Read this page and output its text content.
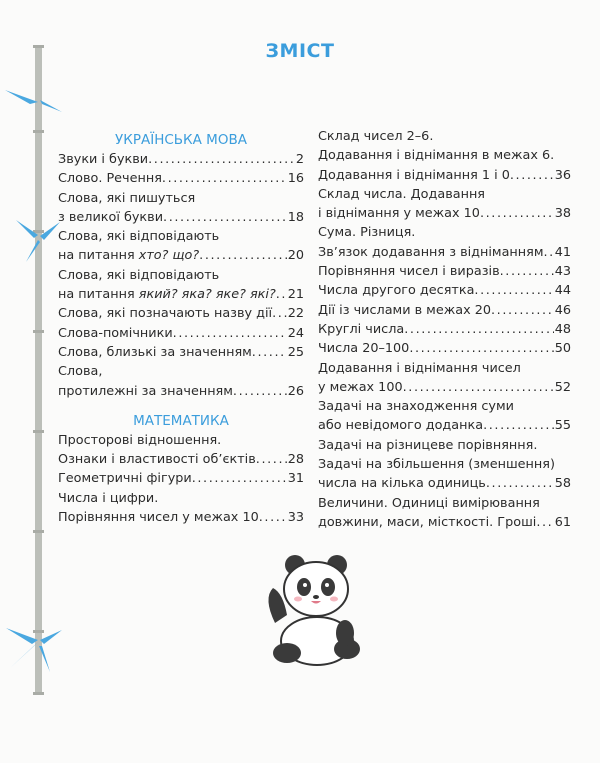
ЗМІСТ
УКРАЇНСЬКА МОВА
Звуки і букви .....	2
Слово. Речення .....	16
Слова, які пишуться
з великої букви .....	18
Слова, які відповідають
на питання хто? що? .....	20
Слова, які відповідають
на питання який? яка? яке? які? ..... 21
Слова, які позначають назву дії ..... 22
Слова-помічники .....	24
Слова, близькі за значенням .....	25
Слова,
протилежні за значенням .....	26
МАТЕМАТИКА
Просторові відношення.
Ознаки і властивості об’єктів ..... 28
Геометричні фігури .....	31
Числа і цифри.
Порівняння чисел у межах 10 ..... 33
Склад чисел 2–6.
Додавання і віднімання в межах 6.
Додавання і віднімання 1 і 0 .....	36
Склад числа. Додавання
і віднімання у межах 10 .....	38
Сума. Різниця.
Зв’язок додавання з відніманням ..... 41
Порівняння чисел і виразів .....	43
Числа другого десятка .....	44
Дії із числами в межах 20 .....	46
Круглі числа .....	48
Числа 20–100 .....	50
Додавання і віднімання чисел
у межах 100 .....	52
Задачі на знаходження суми
або невідомого доданка .....	55
Задачі на різницеве порівняння.
Задачі на збільшення (зменшення)
числа на кілька одиниць .....	58
Величини. Одиниці вимірювання
довжини, маси, місткості. Гроші ..... 61
